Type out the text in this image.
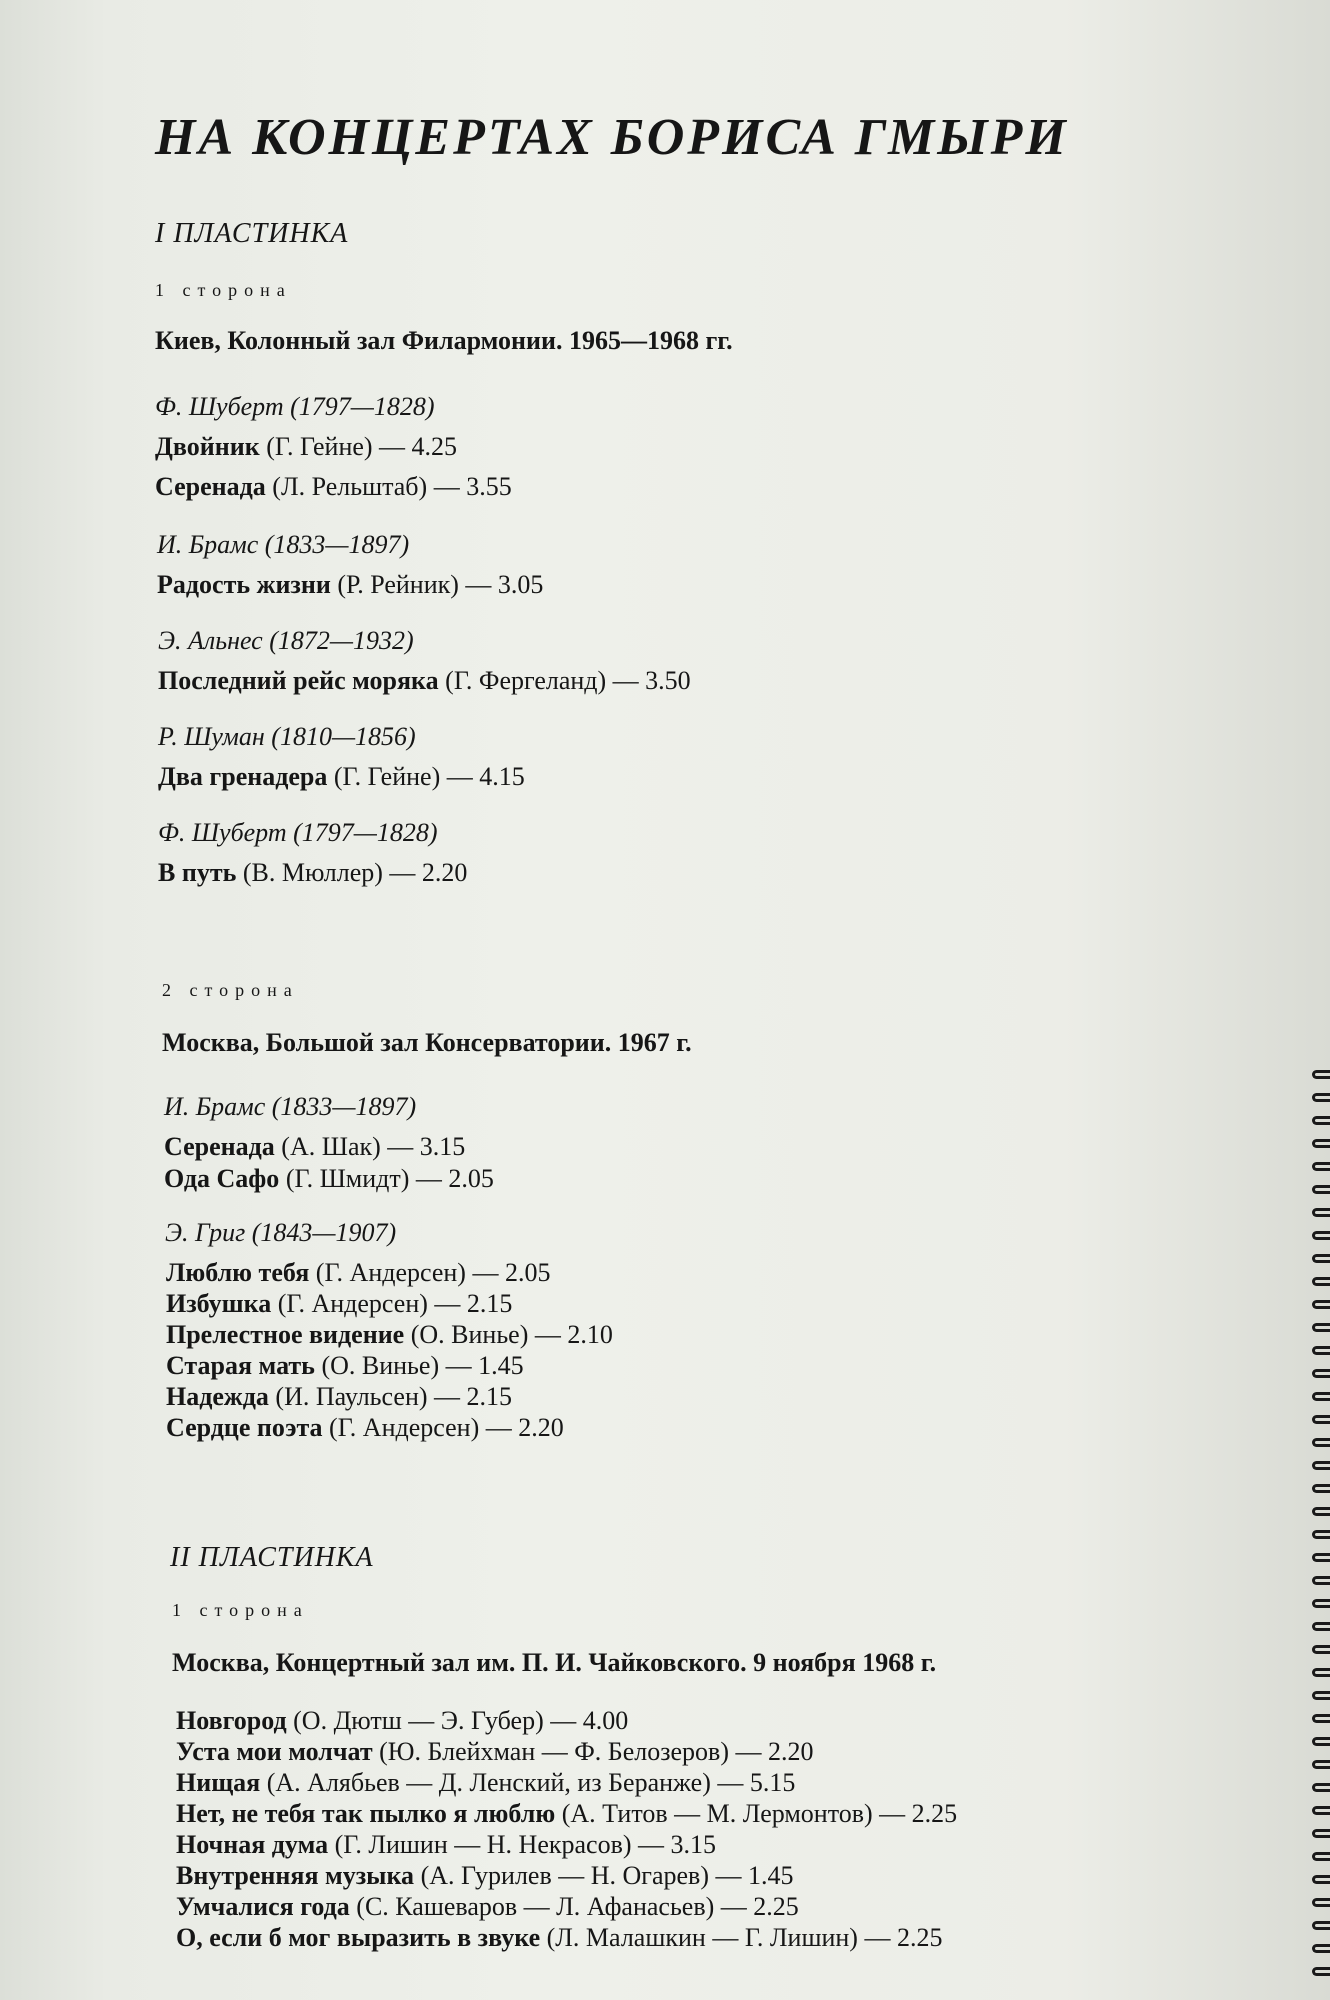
НА КОНЦЕРТАХ БОРИСА ГМЫРИ
I ПЛАСТИНКА
1 сторона
Киев, Колонный зал Филармонии. 1965—1968 гг.
Ф. Шуберт (1797—1828)
Двойник (Г. Гейне) — 4.25
Серенада (Л. Рельштаб) — 3.55
И. Брамс (1833—1897)
Радость жизни (Р. Рейник) — 3.05
Э. Альнес (1872—1932)
Последний рейс моряка (Г. Фергеланд) — 3.50
Р. Шуман (1810—1856)
Два гренадера (Г. Гейне) — 4.15
Ф. Шуберт (1797—1828)
В путь (В. Мюллер) — 2.20
2 сторона
Москва, Большой зал Консерватории. 1967 г.
И. Брамс (1833—1897)
Серенада (А. Шак) — 3.15
Ода Сафо (Г. Шмидт) — 2.05
Э. Григ (1843—1907)
Люблю тебя (Г. Андерсен) — 2.05
Избушка (Г. Андерсен) — 2.15
Прелестное видение (О. Винье) — 2.10
Старая мать (О. Винье) — 1.45
Надежда (И. Паульсен) — 2.15
Сердце поэта (Г. Андерсен) — 2.20
II ПЛАСТИНКА
1 сторона
Москва, Концертный зал им. П. И. Чайковского. 9 ноября 1968 г.
Новгород (О. Дютш — Э. Губер) — 4.00
Уста мои молчат (Ю. Блейхман — Ф. Белозеров) — 2.20
Нищая (А. Алябьев — Д. Ленский, из Беранже) — 5.15
Нет, не тебя так пылко я люблю (А. Титов — М. Лермонтов) — 2.25
Ночная дума (Г. Лишин — Н. Некрасов) — 3.15
Внутренняя музыка (А. Гурилев — Н. Огарев) — 1.45
Умчалися года (С. Кашеваров — Л. Афанасьев) — 2.25
О, если б мог выразить в звуке (Л. Малашкин — Г. Лишин) — 2.25
